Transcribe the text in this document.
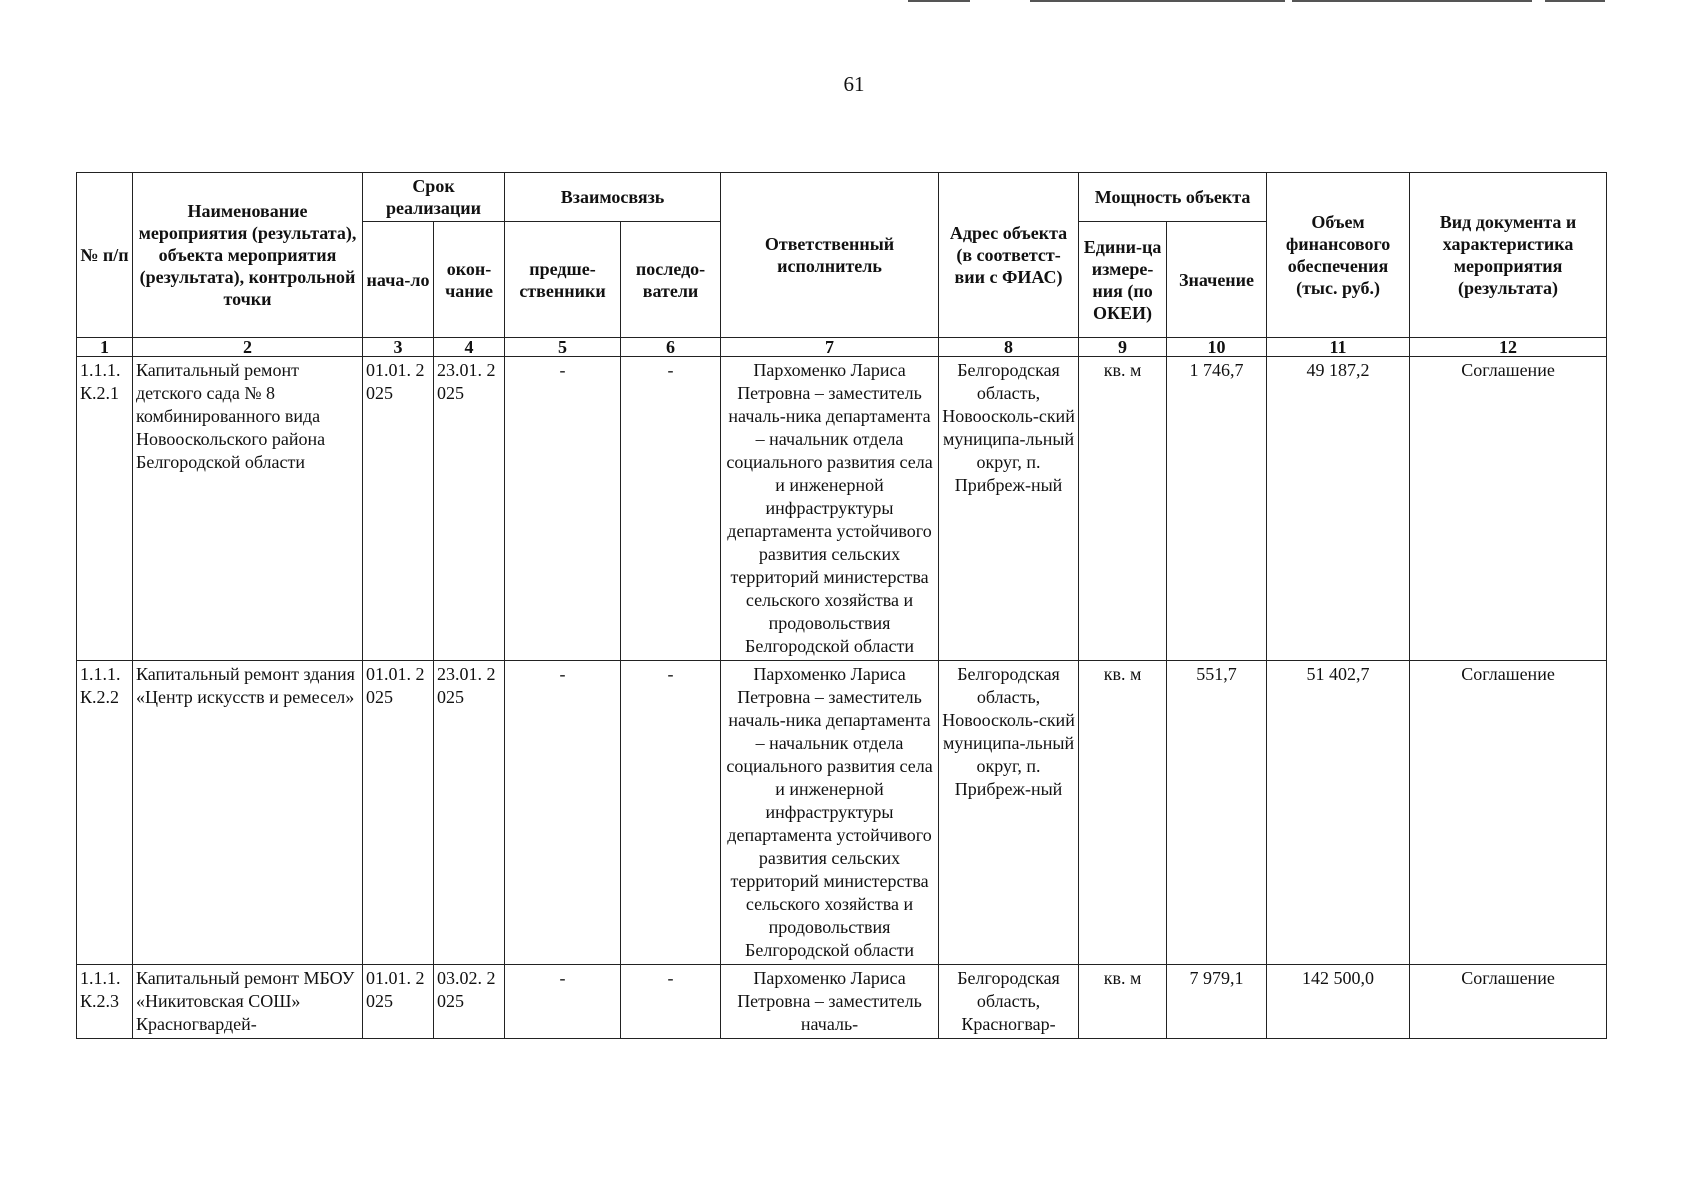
61
№ п/п	Наименование мероприятия (результата), объекта мероприятия (результата), контрольной точки	Срок реализации		Взаимосвязь		Ответственный исполнитель	Адрес объекта (в соответст-вии с ФИАС)	Мощность объекта		Объем финансового обеспечения (тыс. руб.)	Вид документа и характеристика мероприятия (результата)
		нача-ло	окон-чание	предше-ственники	последо-ватели			Едини-ца измере-ния (по ОКЕИ)	Значение		
1	2	3	4	5	6	7	8	9	10	11	12
1.1.1. К.2.1	Капитальный ремонт детского сада № 8 комбинированного вида Новооскольского района Белгородской области	01.01. 2025	23.01. 2025	-	-	Пархоменко Лариса Петровна – заместитель началь-ника департамента – начальник отдела социального развития села и инженерной инфраструктуры департамента устойчивого развития сельских территорий министерства сельского хозяйства и продовольствия Белгородской области	Белгородская область, Новоосколь-ский муниципа-льный округ, п. Прибреж-ный	кв. м	1 746,7	49 187,2	Соглашение
1.1.1. К.2.2	Капитальный ремонт здания «Центр искусств и ремесел»	01.01. 2025	23.01. 2025	-	-	Пархоменко Лариса Петровна – заместитель началь-ника департамента – начальник отдела социального развития села и инженерной инфраструктуры департамента устойчивого развития сельских территорий министерства сельского хозяйства и продовольствия Белгородской области	Белгородская область, Новоосколь-ский муниципа-льный округ, п. Прибреж-ный	кв. м	551,7	51 402,7	Соглашение
1.1.1. К.2.3	Капитальный ремонт МБОУ «Никитовская СОШ» Красногвардей-	01.01. 2025	03.02. 2025	-	-	Пархоменко Лариса Петровна – заместитель началь-	Белгородская область, Красногвар-	кв. м	7 979,1	142 500,0	Соглашение
